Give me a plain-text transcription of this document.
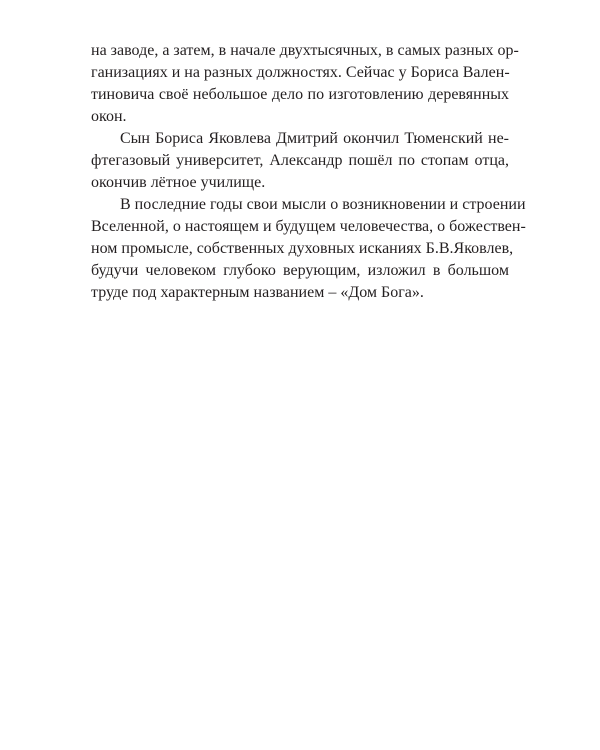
на заводе, а затем, в начале двухтысячных, в самых разных ор-
ганизациях и на разных должностях. Сейчас у Бориса Вален-
тиновича своё небольшое дело по изготовлению деревянных
окон.
Сын Бориса Яковлева Дмитрий окончил Тюменский не-
фтегазовый университет, Александр пошёл по стопам отца,
окончив лётное училище.
В последние годы свои мысли о возникновении и строении
Вселенной, о настоящем и будущем человечества, о божествен-
ном промысле, собственных духовных исканиях Б.В.Яковлев,
будучи человеком глубоко верующим, изложил в большом
труде под характерным названием – «Дом Бога».
